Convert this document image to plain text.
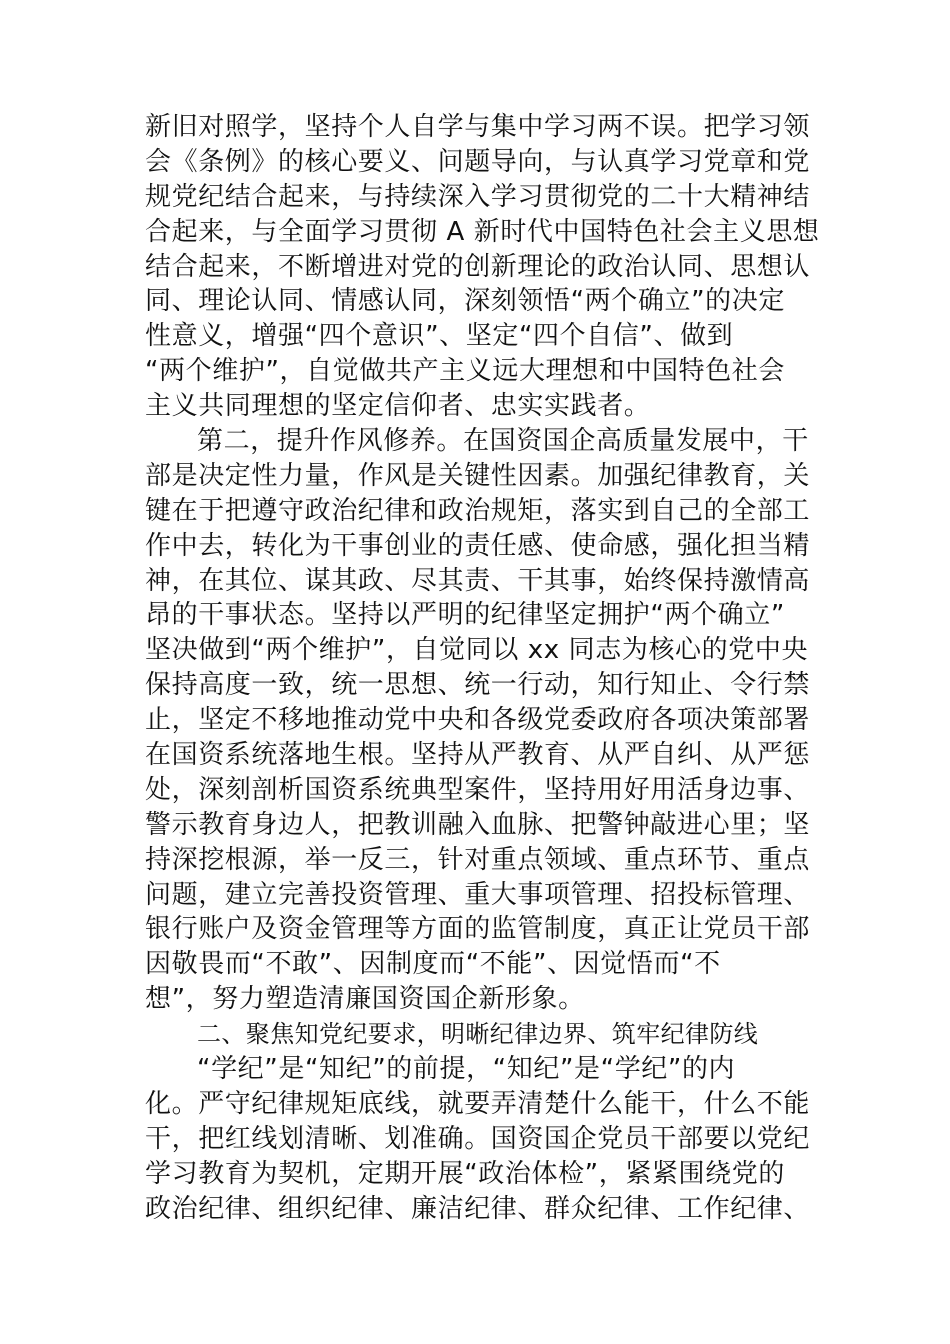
新旧对照学，坚持个人自学与集中学习两不误。把学习领
会《条例》的核心要义、问题导向，与认真学习党章和党
规党纪结合起来，与持续深入学习贯彻党的二十大精神结
合起来，与全面学习贯彻 A 新时代中国特色社会主义思想
结合起来，不断增进对党的创新理论的政治认同、思想认
同、理论认同、情感认同，深刻领悟“两个确立”的决定
性意义，增强“四个意识”、坚定“四个自信”、做到
“两个维护”，自觉做共产主义远大理想和中国特色社会
主义共同理想的坚定信仰者、忠实实践者。
第二，提升作风修养。在国资国企高质量发展中，干
部是决定性力量，作风是关键性因素。加强纪律教育，关
键在于把遵守政治纪律和政治规矩，落实到自己的全部工
作中去，转化为干事创业的责任感、使命感，强化担当精
神，在其位、谋其政、尽其责、干其事，始终保持激情高
昂的干事状态。坚持以严明的纪律坚定拥护“两个确立”
坚决做到“两个维护”，自觉同以 xx 同志为核心的党中央
保持高度一致，统一思想、统一行动，知行知止、令行禁
止，坚定不移地推动党中央和各级党委政府各项决策部署
在国资系统落地生根。坚持从严教育、从严自纠、从严惩
处，深刻剖析国资系统典型案件，坚持用好用活身边事、
警示教育身边人，把教训融入血脉、把警钟敲进心里；坚
持深挖根源，举一反三，针对重点领域、重点环节、重点
问题，建立完善投资管理、重大事项管理、招投标管理、
银行账户及资金管理等方面的监管制度，真正让党员干部
因敬畏而“不敢”、因制度而“不能”、因觉悟而“不
想”，努力塑造清廉国资国企新形象。
二、聚焦知党纪要求，明晰纪律边界、筑牢纪律防线
“学纪”是“知纪”的前提，“知纪”是“学纪”的内
化。严守纪律规矩底线，就要弄清楚什么能干，什么不能
干，把红线划清晰、划准确。国资国企党员干部要以党纪
学习教育为契机，定期开展“政治体检”，紧紧围绕党的
政治纪律、组织纪律、廉洁纪律、群众纪律、工作纪律、
